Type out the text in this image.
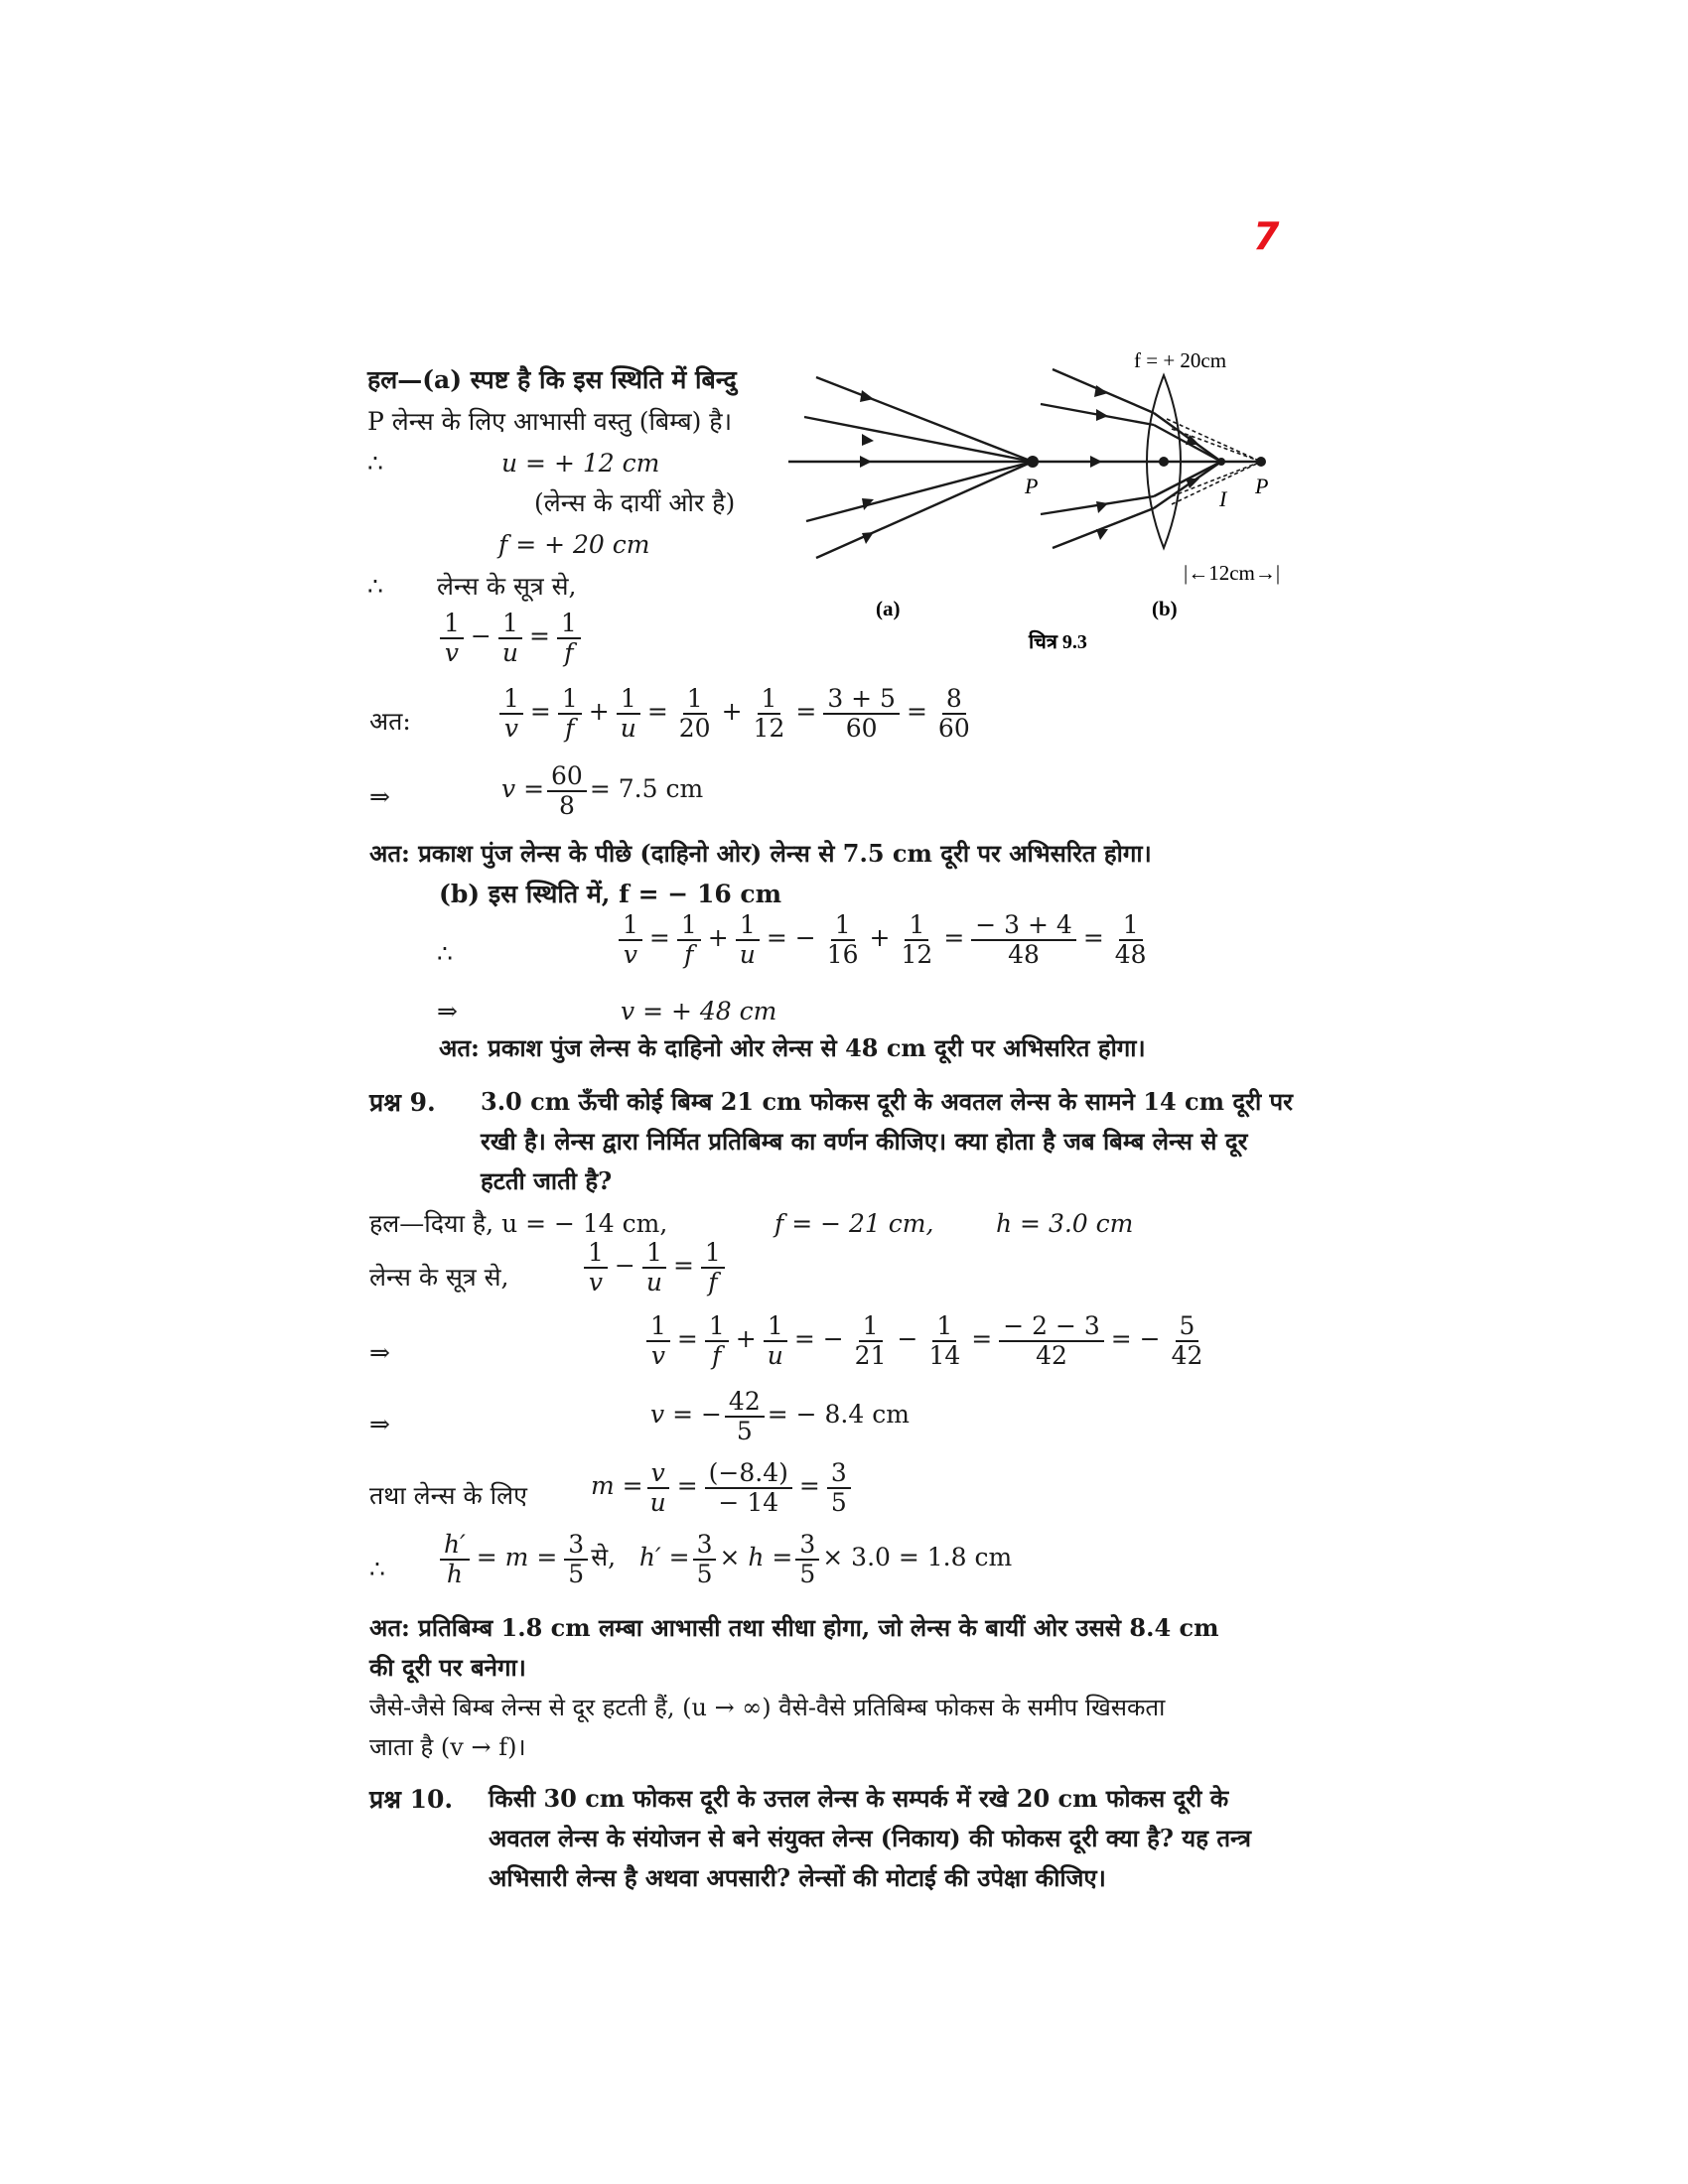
7
हल—(a) स्पष्ट है कि इस स्थिति में बिन्दु
P लेन्स के लिए आभासी वस्तु (बिम्ब) है।
∴	u = + 12 cm
(लेन्स के दायीं ओर है)
f = + 20 cm
∴ लेन्स के सूत्र से,
$\frac{1}{v} - \frac{1}{u} = \frac{1}{f}$
अत:	$\frac{1}{v} = \frac{1}{f} + \frac{1}{u} = \frac{1}{20} + \frac{1}{12} = \frac{3 + 5}{60} = \frac{8}{60}$
⇒	$v = \frac{60}{8} = 7.5$ cm
अत: प्रकाश पुंज लेन्स के पीछे (दाहिनो ओर) लेन्स से 7.5 cm दूरी पर अभिसरित होगा।
(b) इस स्थिति में, f = − 16 cm
∴	$\frac{1}{v} = \frac{1}{f} + \frac{1}{u}$ = − $\frac{1}{16} + \frac{1}{12} = \frac{- 3 + 4}{48} = \frac{1}{48}$
⇒	v = + 48 cm
अत: प्रकाश पुंज लेन्स के दाहिनो ओर लेन्स से 48 cm दूरी पर अभिसरित होगा।
P
I
P
f = + 20cm
|←12cm→|
(a)	(b)
चित्र 9.3
प्रश्न 9. 3.0 cm ऊँची कोई बिम्ब 21 cm फोकस दूरी के अवतल लेन्स के सामने 14 cm दूरी पर
रखी है। लेन्स द्वारा निर्मित प्रतिबिम्ब का वर्णन कीजिए। क्या होता है जब बिम्ब लेन्स से दूर
हटती जाती है?
हल—दिया है, u = − 14 cm,	f = − 21 cm,	h = 3.0 cm
लेन्स के सूत्र से,	$\frac{1}{v} - \frac{1}{u} = \frac{1}{f}$
⇒	$\frac{1}{v} = \frac{1}{f} + \frac{1}{u}$ = − $\frac{1}{21} - \frac{1}{14} = \frac{- 2 - 3}{42}$ = − $\frac{5}{42}$
⇒	v = − $\frac{42}{5}$ = − 8.4 cm
तथा लेन्स के लिए	$m = \frac{v}{u} = \frac{(-8.4)}{- 14} = \frac{3}{5}$
∴ $\frac{h'}{h} = m = \frac{3}{5}$ से, $h' = \frac{3}{5} \times h = \frac{3}{5} \times 3.0 = 1.8$ cm
अत: प्रतिबिम्ब 1.8 cm लम्बा आभासी तथा सीधा होगा, जो लेन्स के बायीं ओर उससे 8.4 cm
की दूरी पर बनेगा।
जैसे-जैसे बिम्ब लेन्स से दूर हटती हैं, (u → ∞) वैसे-वैसे प्रतिबिम्ब फोकस के समीप खिसकता
जाता है (v → f)।
प्रश्न 10. किसी 30 cm फोकस दूरी के उत्तल लेन्स के सम्पर्क में रखे 20 cm फोकस दूरी के
अवतल लेन्स के संयोजन से बने संयुक्त लेन्स (निकाय) की फोकस दूरी क्या है? यह तन्त्र
अभिसारी लेन्स है अथवा अपसारी? लेन्सों की मोटाई की उपेक्षा कीजिए।
